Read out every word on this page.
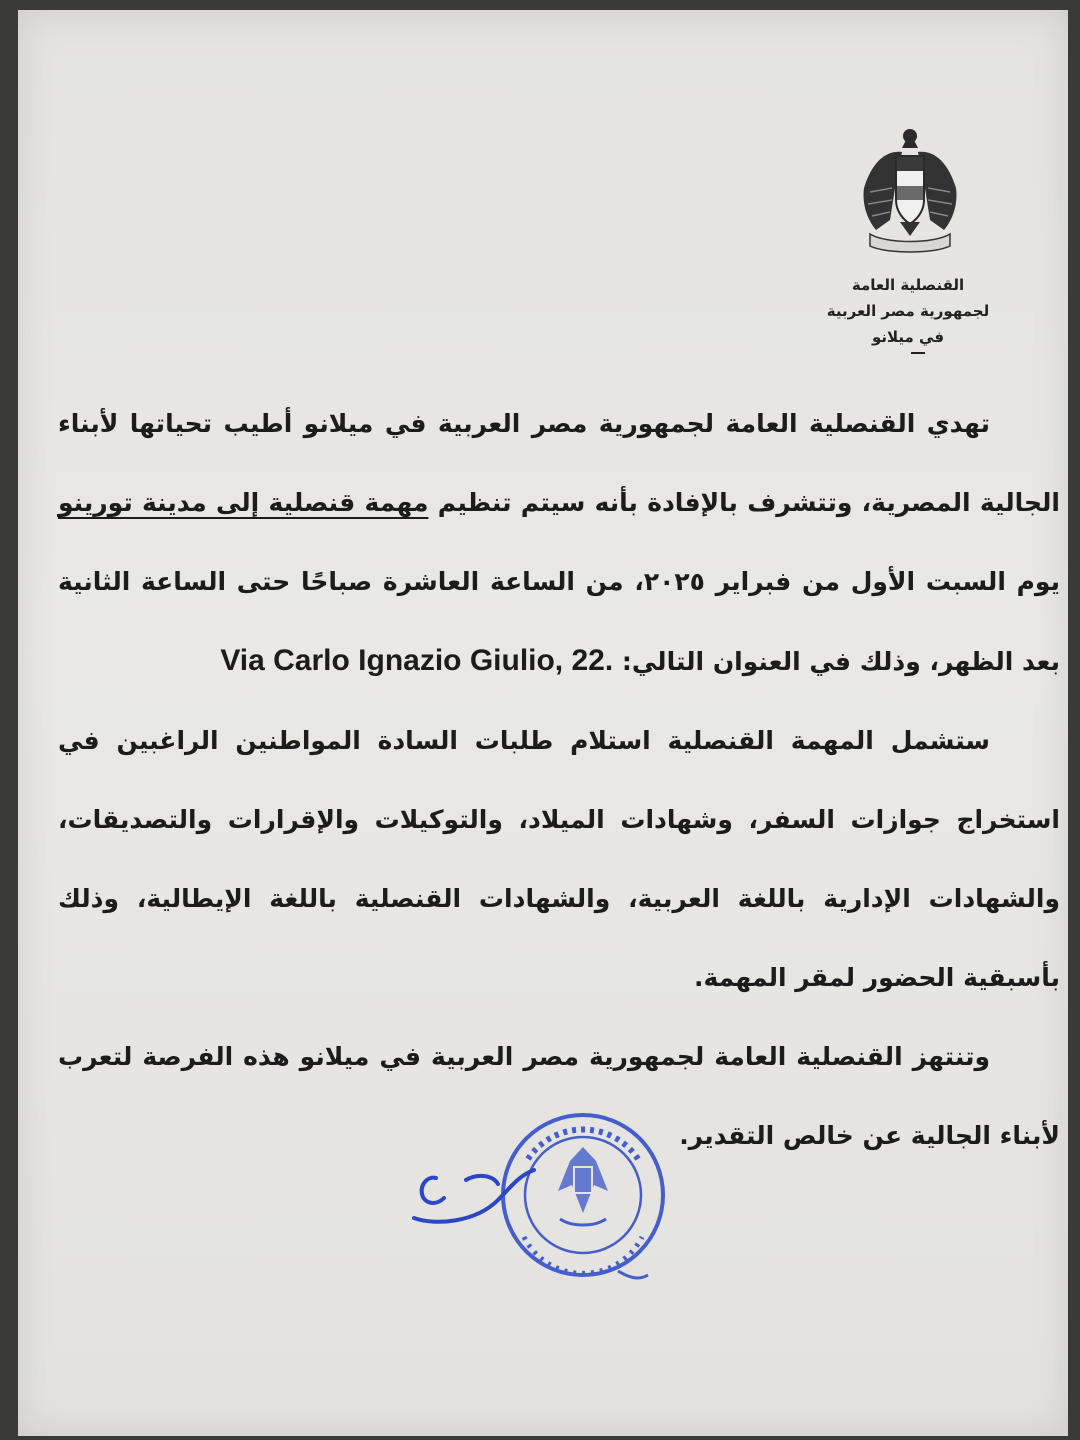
القنصلية العامة
لجمهورية مصر العربية
في ميلانو

تهدي القنصلية العامة لجمهورية مصر العربية في ميلانو أطيب تحياتها لأبناء الجالية المصرية، وتتشرف بالإفادة بأنه سيتم تنظيم مهمة قنصلية إلى مدينة تورينو يوم السبت الأول من فبراير ٢٠٢٥، من الساعة العاشرة صباحًا حتى الساعة الثانية بعد الظهر، وذلك في العنوان التالي: Via Carlo Ignazio Giulio, 22.

ستشمل المهمة القنصلية استلام طلبات السادة المواطنين الراغبين في استخراج جوازات السفر، وشهادات الميلاد، والتوكيلات والإقرارات والتصديقات، والشهادات الإدارية باللغة العربية، والشهادات القنصلية باللغة الإيطالية، وذلك بأسبقية الحضور لمقر المهمة.

وتنتهز القنصلية العامة لجمهورية مصر العربية في ميلانو هذه الفرصة لتعرب لأبناء الجالية عن خالص التقدير.
